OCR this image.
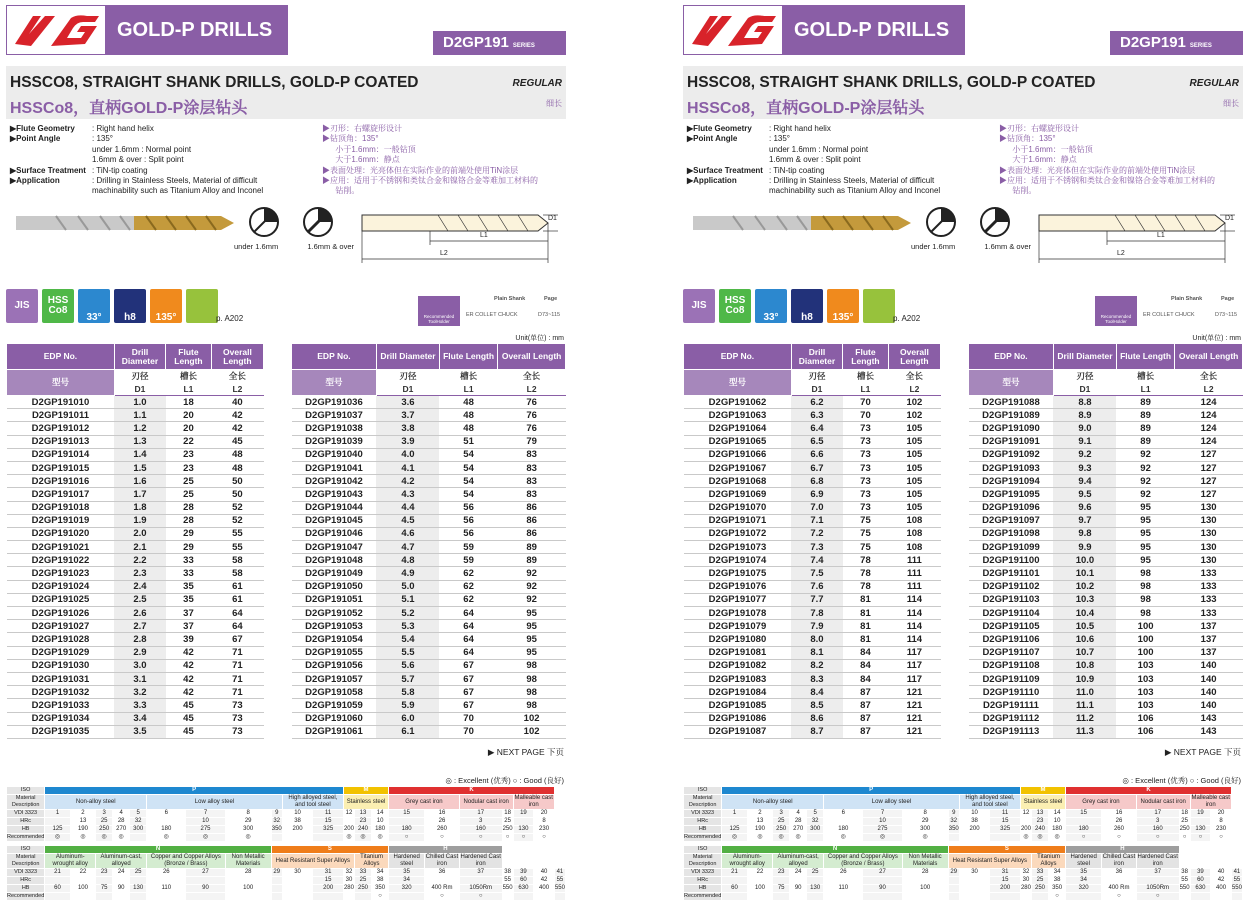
GOLD-P DRILLS
D2GP191 SERIES
HSSCO8, STRAIGHT SHANK DRILLS, GOLD-P COATED
HSSCo8，直柄GOLD-P涂层钻头
REGULAR
细长
▶Flute Geometry	: Right hand helix
▶Point Angle	: 135°
under 1.6mm : Normal point
1.6mm & over : Split point
▶Surface Treatment : TiN-tip coating
▶Application	: Drilling in Stainless Steels, Material of difficult
machinability such as Titanium Alloy and Inconel
▶刃形：右螺旋形设计
▶钻顶角：135°
小于1.6mm：一般钻顶
大于1.6mm：静点
▶表面处理：光亮体但在实际作业的前端处使用TiN涂层
▶应用：适用于不锈钢和类钛合金和镍铬合金等难加工材料的
钻削。
under 1.6mm	1.6mm & over
D1
L1
L2
JIS	HSS
Co8
33°	h8	135°	p. A202	Recommended ToolHolder
Plain Shank	Page
ER COLLET CHUCK	D73~115
Unit(单位) : mm
EDP No.	Drill Diameter	Flute Length	Overall Length
型号	刃径	槽长	全长
	D1	L1	L2
D2GP191010	1.0	18	40
D2GP191011	1.1	20	42
D2GP191012	1.2	20	42
D2GP191013	1.3	22	45
D2GP191014	1.4	23	48
D2GP191015	1.5	23	48
D2GP191016	1.6	25	50
D2GP191017	1.7	25	50
D2GP191018	1.8	28	52
D2GP191019	1.9	28	52
D2GP191020	2.0	29	55
D2GP191021	2.1	29	55
D2GP191022	2.2	33	58
D2GP191023	2.3	33	58
D2GP191024	2.4	35	61
D2GP191025	2.5	35	61
D2GP191026	2.6	37	64
D2GP191027	2.7	37	64
D2GP191028	2.8	39	67
D2GP191029	2.9	42	71
D2GP191030	3.0	42	71
D2GP191031	3.1	42	71
D2GP191032	3.2	42	71
D2GP191033	3.3	45	73
D2GP191034	3.4	45	73
D2GP191035	3.5	45	73
EDP No.	Drill Diameter	Flute Length	Overall Length
型号	刃径	槽长	全长
	D1	L1	L2
D2GP191036	3.6	48	76
D2GP191037	3.7	48	76
D2GP191038	3.8	48	76
D2GP191039	3.9	51	79
D2GP191040	4.0	54	83
D2GP191041	4.1	54	83
D2GP191042	4.2	54	83
D2GP191043	4.3	54	83
D2GP191044	4.4	56	86
D2GP191045	4.5	56	86
D2GP191046	4.6	56	86
D2GP191047	4.7	59	89
D2GP191048	4.8	59	89
D2GP191049	4.9	62	92
D2GP191050	5.0	62	92
D2GP191051	5.1	62	92
D2GP191052	5.2	64	95
D2GP191053	5.3	64	95
D2GP191054	5.4	64	95
D2GP191055	5.5	64	95
D2GP191056	5.6	67	98
D2GP191057	5.7	67	98
D2GP191058	5.8	67	98
D2GP191059	5.9	67	98
D2GP191060	6.0	70	102
D2GP191061	6.1	70	102
▶ NEXT PAGE 下页
◎ : Excellent (优秀) ○ : Good (良好)
ISO	P											M			K						
Material Description	Non-alloy steel					Low alloy steel				High alloyed steel, and tool steel		Stainless steel			Grey cast iron		Nodular cast iron		Malleable cast iron		
VDI 3323	1	2	3	4	5	6	7	8	9	10	11	12	13	14	15	16	17	18	19	20	
HRc		13	25	28	32		10	29	32	38	15		23	10		26	3	25		8	
HB	125	190	250	270	300	180	275	300	350	200	325	200	240	180	180	260	160	250	130	230	
Recommended	◎	◎	◎	◎		◎	◎	◎				◎	◎	◎	○	○	○	○	○	○	

ISO	N								S						H						
Material Description	Aluminum-wrought alloy		Aluminum-cast, alloyed			Copper and Copper Alloys (Bronze / Brass)		Non Metallic Materials	Heat Resistant Super Alloys				Titanium Alloys		Hardened steel	Chilled Cast iron	Hardened Cast iron				
VDI 3323	21	22	23	24	25	26	27	28	29	30	31	32	33	34	35	36	37	38	39	40	41
HRc											15	30	25	38	34			55	60	42	55
HB	60	100	75	90	130	110	90	100			200	280	250	350	320	400 Rm	1050Rm	550	630	400	550
Recommended														○		○	○				
GOLD-P DRILLS
D2GP191 SERIES
HSSCO8, STRAIGHT SHANK DRILLS, GOLD-P COATED
HSSCo8，直柄GOLD-P涂层钻头
REGULAR
细长
▶Flute Geometry	: Right hand helix
▶Point Angle	: 135°
under 1.6mm : Normal point
1.6mm & over : Split point
▶Surface Treatment : TiN-tip coating
▶Application	: Drilling in Stainless Steels, Material of difficult
machinability such as Titanium Alloy and Inconel
▶刃形：右螺旋形设计
▶钻顶角：135°
小于1.6mm：一般钻顶
大于1.6mm：静点
▶表面处理：光亮体但在实际作业的前端处使用TiN涂层
▶应用：适用于不锈钢和类钛合金和镍铬合金等难加工材料的
钻削。
under 1.6mm	1.6mm & over
D1
L1
L2
JIS	HSS
Co8
33°	h8	135°	p. A202	Recommended ToolHolder
Plain Shank	Page
ER COLLET CHUCK	D73~115
Unit(单位) : mm
EDP No.	Drill Diameter	Flute Length	Overall Length
型号	刃径	槽长	全长
	D1	L1	L2
D2GP191062	6.2	70	102
D2GP191063	6.3	70	102
D2GP191064	6.4	73	105
D2GP191065	6.5	73	105
D2GP191066	6.6	73	105
D2GP191067	6.7	73	105
D2GP191068	6.8	73	105
D2GP191069	6.9	73	105
D2GP191070	7.0	73	105
D2GP191071	7.1	75	108
D2GP191072	7.2	75	108
D2GP191073	7.3	75	108
D2GP191074	7.4	78	111
D2GP191075	7.5	78	111
D2GP191076	7.6	78	111
D2GP191077	7.7	81	114
D2GP191078	7.8	81	114
D2GP191079	7.9	81	114
D2GP191080	8.0	81	114
D2GP191081	8.1	84	117
D2GP191082	8.2	84	117
D2GP191083	8.3	84	117
D2GP191084	8.4	87	121
D2GP191085	8.5	87	121
D2GP191086	8.6	87	121
D2GP191087	8.7	87	121
EDP No.	Drill Diameter	Flute Length	Overall Length
型号	刃径	槽长	全长
	D1	L1	L2
D2GP191088	8.8	89	124
D2GP191089	8.9	89	124
D2GP191090	9.0	89	124
D2GP191091	9.1	89	124
D2GP191092	9.2	92	127
D2GP191093	9.3	92	127
D2GP191094	9.4	92	127
D2GP191095	9.5	92	127
D2GP191096	9.6	95	130
D2GP191097	9.7	95	130
D2GP191098	9.8	95	130
D2GP191099	9.9	95	130
D2GP191100	10.0	95	130
D2GP191101	10.1	98	133
D2GP191102	10.2	98	133
D2GP191103	10.3	98	133
D2GP191104	10.4	98	133
D2GP191105	10.5	100	137
D2GP191106	10.6	100	137
D2GP191107	10.7	100	137
D2GP191108	10.8	103	140
D2GP191109	10.9	103	140
D2GP191110	11.0	103	140
D2GP191111	11.1	103	140
D2GP191112	11.2	106	143
D2GP191113	11.3	106	143
▶ NEXT PAGE 下页
◎ : Excellent (优秀) ○ : Good (良好)
ISO	P											M			K						
Material Description	Non-alloy steel					Low alloy steel				High alloyed steel, and tool steel		Stainless steel			Grey cast iron		Nodular cast iron		Malleable cast iron		
VDI 3323	1	2	3	4	5	6	7	8	9	10	11	12	13	14	15	16	17	18	19	20	
HRc		13	25	28	32		10	29	32	38	15		23	10		26	3	25		8	
HB	125	190	250	270	300	180	275	300	350	200	325	200	240	180	180	260	160	250	130	230	
Recommended	◎	◎	◎	◎		◎	◎	◎				◎	◎	◎	○	○	○	○	○	○	

ISO	N								S						H						
Material Description	Aluminum-wrought alloy		Aluminum-cast, alloyed			Copper and Copper Alloys (Bronze / Brass)		Non Metallic Materials	Heat Resistant Super Alloys				Titanium Alloys		Hardened steel	Chilled Cast iron	Hardened Cast iron				
VDI 3323	21	22	23	24	25	26	27	28	29	30	31	32	33	34	35	36	37	38	39	40	41
HRc											15	30	25	38	34			55	60	42	55
HB	60	100	75	90	130	110	90	100			200	280	250	350	320	400 Rm	1050Rm	550	630	400	550
Recommended														○		○	○				
